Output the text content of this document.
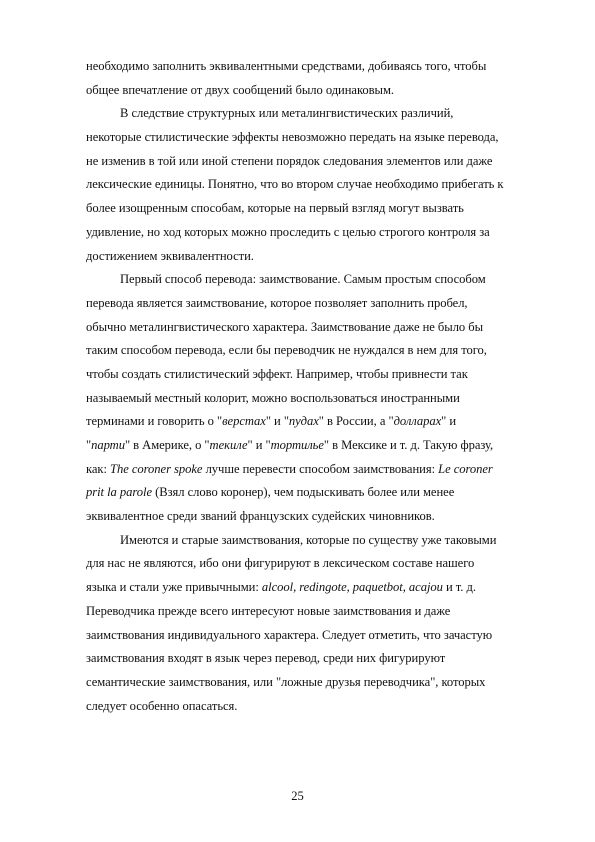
необходимо заполнить эквивалентными средствами, добиваясь того, чтобы
общее впечатление от двух сообщений было одинаковым.
В следствие структурных или металингвистических различий,
некоторые стилистические эффекты невозможно передать на языке перевода,
не изменив в той или иной степени порядок следования элементов или даже
лексические единицы. Понятно, что во втором случае необходимо прибегать к
более изощренным способам, которые на первый взгляд могут вызвать
удивление, но ход которых можно проследить с целью строгого контроля за
достижением эквивалентности.
Первый способ перевода: заимствование. Самым простым способом
перевода является заимствование, которое позволяет заполнить пробел,
обычно металингвистического характера. Заимствование даже не было бы
таким способом перевода, если бы переводчик не нуждался в нем для того,
чтобы создать стилистический эффект. Например, чтобы привнести так
называемый местный колорит, можно воспользоваться иностранными
терминами и говорить о "верстах" и "пудах" в России, а "долларах" и
"парти" в Америке, о "текиле" и "тортилье" в Мексике и т. д. Такую фразу,
как: The coroner spoke лучше перевести способом заимствования: Le coroner
prit la parole (Взял слово коронер), чем подыскивать более или менее
эквивалентное среди званий французских судейских чиновников.
Имеются и старые заимствования, которые по существу уже таковыми
для нас не являются, ибо они фигурируют в лексическом составе нашего
языка и стали уже привычными: alcool, redingote, paquetbot, acajou и т. д.
Переводчика прежде всего интересуют новые заимствования и даже
заимствования индивидуального характера. Следует отметить, что зачастую
заимствования входят в язык через перевод, среди них фигурируют
семантические заимствования, или "ложные друзья переводчика", которых
следует особенно опасаться.
25
